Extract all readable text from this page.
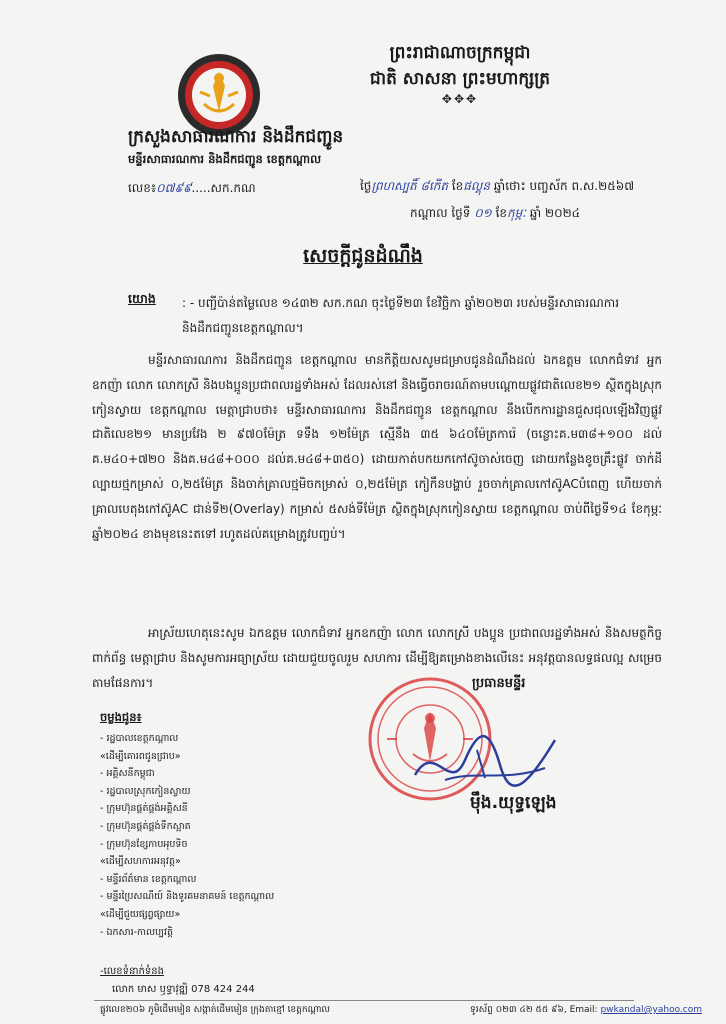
ព្រះរាជាណាចក្រកម្ពុជា
ជាតិ សាសនា ព្រះមហាក្សត្រ
✥✥✥
ក្រសួងសាធារណការ និងដឹកជញ្ជូន
មន្ទីរសាធារណការ និងដឹកជញ្ជូន ខេត្តកណ្តាល
លេខ៖០៧៩៩.....សក.កណ	ថ្ងៃព្រហស្បតិ៍ ៨កើត ខែផល្គុន ឆ្នាំថោះ បញ្ចស័ក ព.ស.២៥៦៧
កណ្តាល ថ្ងៃទី ០១ ខែកុម្ភៈ ឆ្នាំ ២០២៤
សេចក្តីជូនដំណឹង
យោង : - បញ្ជីប៉ាន់តម្លៃលេខ ១៤៣២ សក.កណ ចុះថ្ងៃទី២៣ ខែវិច្ឆិកា ឆ្នាំ២០២៣ របស់មន្ទីរសាធារណការ និងដឹកជញ្ជូនខេត្តកណ្តាល។
មន្ទីរសាធារណការ និងដឹកជញ្ជូន ខេត្តកណ្តាល មានកិត្តិយសសូមជម្រាបជូនដំណឹងដល់ ឯកឧត្តម លោកជំទាវ អ្នកឧកញ៉ា លោក លោកស្រី និងបងប្អូនប្រជាពលរដ្ឋទាំងអស់ ដែលរស់នៅ និងធ្វើចរាចរណ៍តាមបណ្តោយផ្លូវជាតិលេខ២១ ស្ថិតក្នុងស្រុកកៀនស្វាយ ខេត្តកណ្តាល មេត្តាជ្រាបថា៖ មន្ទីរសាធារណការ និងដឹកជញ្ជូន ខេត្តកណ្តាល នឹងបើកការដ្ឋានជួសជុលឡើងវិញផ្លូវជាតិលេខ២១ មានប្រវែង ២ ៩៧០ម៉ែត្រ ទទឹង ១២ម៉ែត្រ ស្មើនឹង ៣៥ ៦៤០ម៉ែត្រការ៉េ (ចន្លោះគ.ម៣៨+១០០ ដល់ គ.ម៤០+៧២០ និងគ.ម៤៨+០០០ ដល់គ.ម៤៨+៣៥០) ដោយកាត់បកយកកៅស៊ូចាស់ចេញ ដោយកន្លែងខូចគ្រឹះផ្លូវ ចាក់ដីល្បាយថ្មកម្រាស់ ០,២៥ម៉ែត្រ និងចាក់គ្រាលថ្មមិចកម្រាស់ ០,២៥ម៉ែត្រ កៀកឹនបង្ហាប់ រួចចាក់គ្រាលកៅស៊ូACបំពេញ ហើយចាក់គ្រាលបេតុងកៅស៊ូAC ជាន់ទី២(Overlay) កម្រាស់ ៥សង់ទីម៉ែត្រ ស្ថិតក្នុងស្រុកកៀនស្វាយ ខេត្តកណ្តាល ចាប់ពីថ្ងៃទី១៤ ខែកុម្ភៈ ឆ្នាំ២០២៤ ខាងមុខនេះតទៅ រហូតដល់គម្រោងត្រូវបញ្ចប់។
អាស្រ័យហេតុនេះសូម ឯកឧត្តម លោកជំទាវ អ្នកឧកញ៉ា លោក លោកស្រី បងប្អូន ប្រជាពលរដ្ឋទាំងអស់ និងសមត្ថកិច្ចពាក់ព័ន្ធ មេត្តាជ្រាប និងសូមការអធ្យាស្រ័យ ដោយជួយចូលរួម សហការ ដើម្បីឱ្យគម្រោងខាងលើនេះ អនុវត្តបានលទ្ធផលល្អ សម្រេចតាមផែនការ។	ប្រធានមន្ទីរ
ម៉ឹង.យុទ្ធឡេង
ចម្លងជូន៖
- រដ្ឋបាលខេត្តកណ្តាល
«ដើម្បីគោរពជូនជ្រាប»
- អគ្គិសនីកម្ពុជា
- រដ្ឋបាលស្រុកកៀនស្វាយ
- ក្រុមហ៊ុនផ្គត់ផ្គង់អគ្គិសនី
- ក្រុមហ៊ុនផ្គត់ផ្គង់ទឹកស្អាត
- ក្រុមហ៊ុនខ្សែកាបអុបទិច
«ដើម្បីសហការអនុវត្ត»
- មន្ទីរព័ត៌មាន ខេត្តកណ្តាល
- មន្ទីរប្រៃសណីយ៍ និងទូរគមនាគមន៍ ខេត្តកណ្តាល
«ដើម្បីជួយផ្សព្វផ្សាយ»
- ឯកសារ-កាលប្បវត្តិ
-លេខទំនាក់ទំនង
លោក មាស ឫទ្ធាវុឌ្ឍិ 078 424 244
ផ្លូវលេខ២០៦ ភូមិដើមមៀន សង្កាត់ដើមមៀន ក្រុងតាខ្មៅ ខេត្តកណ្តាល	ទូរស័ព្ទ ០២៣ ៤២ ៥៥ ៩៦, Email: pwkandal@yahoo.com
